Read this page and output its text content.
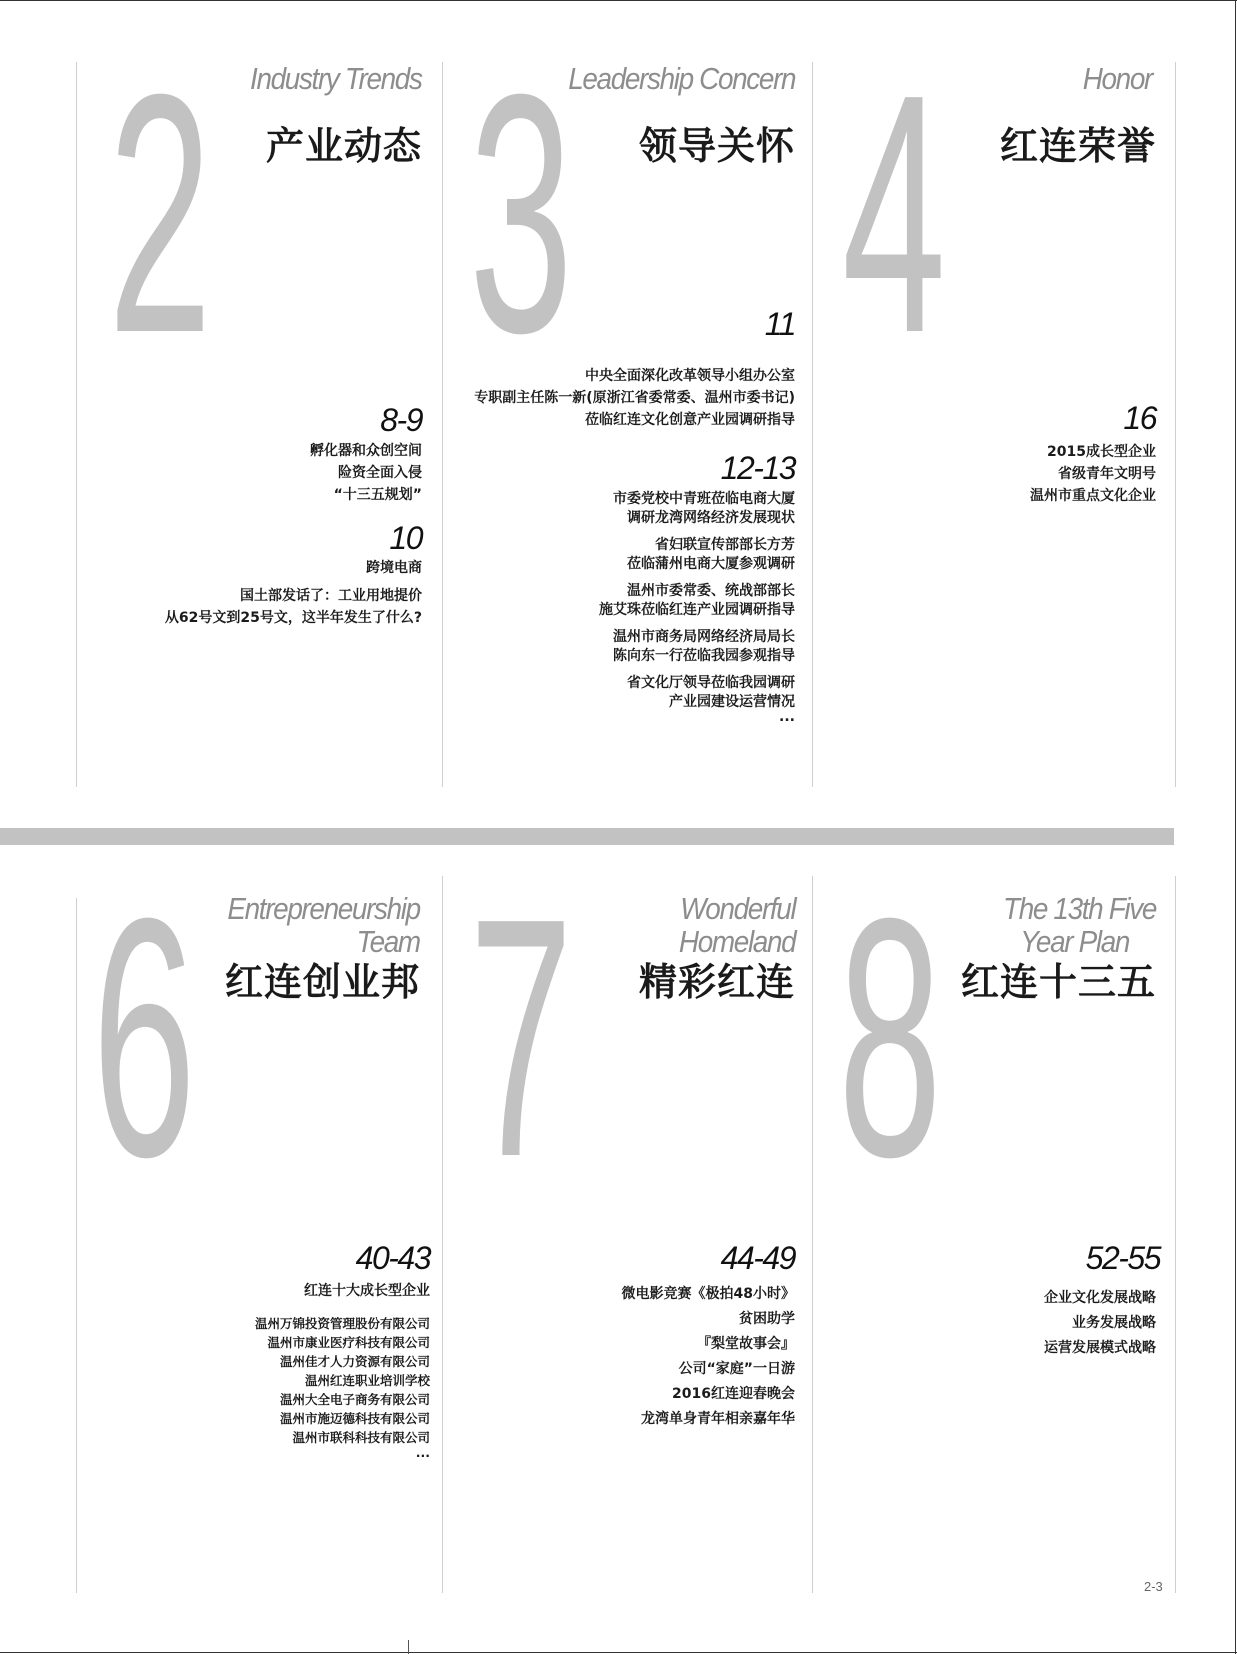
2 Industry Trends
产业动态
8-9
孵化器和众创空间
险资全面入侵
“十三五规划”
10
跨境电商
国土部发话了：工业用地提价
从62号文到25号文，这半年发生了什么?
3
Leadership Concern
领导关怀
11
中央全面深化改革领导小组办公室
专职副主任陈一新(原浙江省委常委、温州市委书记)
莅临红连文化创意产业园调研指导
12-13
市委党校中青班莅临电商大厦
调研龙湾网络经济发展现状
省妇联宣传部部长方芳
莅临蒲州电商大厦参观调研
温州市委常委、统战部部长
施艾珠莅临红连产业园调研指导
温州市商务局网络经济局局长
陈向东一行莅临我园参观指导
省文化厅领导莅临我园调研
产业园建设运营情况
...
4	Honor
红连荣誉
16
2015成长型企业
省级青年文明号
温州市重点文化企业
6 Entrepreneurship
Team
红连创业邦
40-43
红连十大成长型企业
温州万锦投资管理股份有限公司
温州市康业医疗科技有限公司
温州佳才人力资源有限公司
温州红连职业培训学校
温州大全电子商务有限公司
温州市施迈德科技有限公司
温州市联科科技有限公司
...
7	Wonderful
Homeland
精彩红连
44-49
微电影竞赛《极拍48小时》
贫困助学
『梨堂故事会』
公司“家庭”一日游
2016红连迎春晚会
龙湾单身青年相亲嘉年华
8 The 13th Five
Year Plan
红连十三五
52-55
企业文化发展战略
业务发展战略
运营发展模式战略
2-3
